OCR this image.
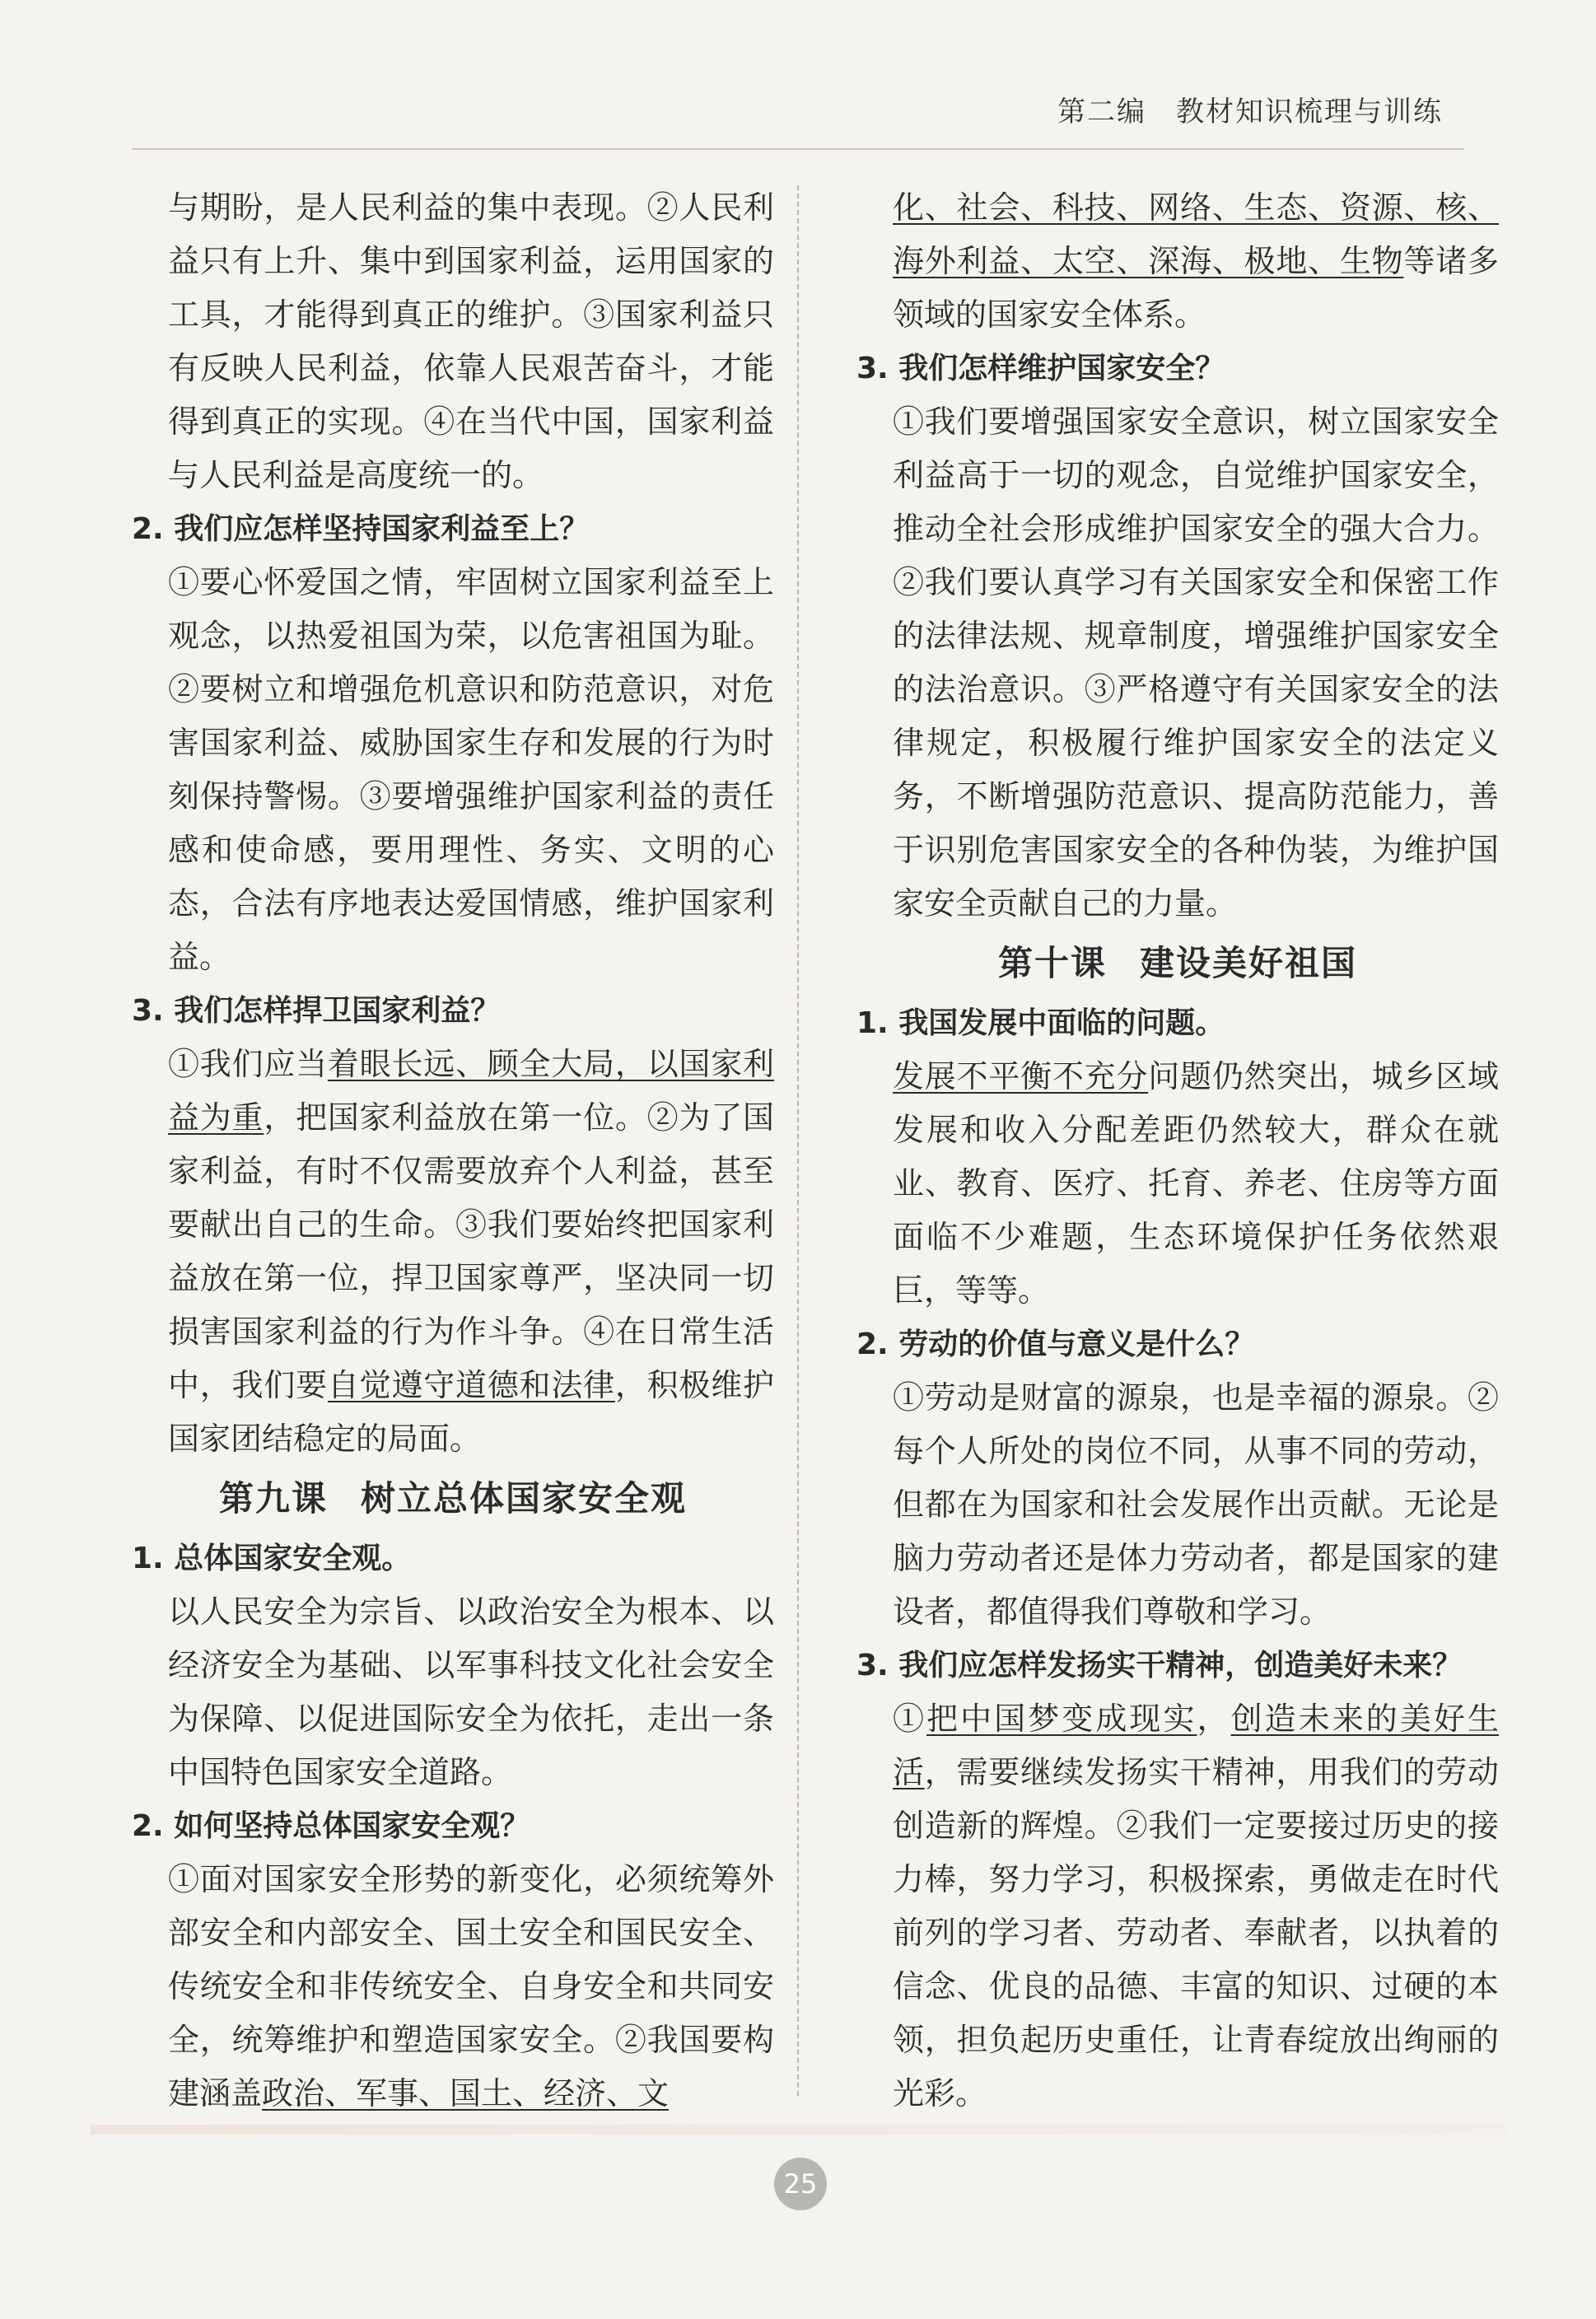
第二编 教材知识梳理与训练

与期盼，是人民利益的集中表现。②人民利益只有上升、集中到国家利益，运用国家的工具，才能得到真正的维护。③国家利益只有反映人民利益，依靠人民艰苦奋斗，才能得到真正的实现。④在当代中国，国家利益与人民利益是高度统一的。

2. 我们应怎样坚持国家利益至上？

①要心怀爱国之情，牢固树立国家利益至上观念，以热爱祖国为荣，以危害祖国为耻。②要树立和增强危机意识和防范意识，对危害国家利益、威胁国家生存和发展的行为时刻保持警惕。③要增强维护国家利益的责任感和使命感，要用理性、务实、文明的心态，合法有序地表达爱国情感，维护国家利益。

3. 我们怎样捍卫国家利益？

①我们应当着眼长远、顾全大局，以国家利益为重，把国家利益放在第一位。②为了国家利益，有时不仅需要放弃个人利益，甚至要献出自己的生命。③我们要始终把国家利益放在第一位，捍卫国家尊严，坚决同一切损害国家利益的行为作斗争。④在日常生活中，我们要自觉遵守道德和法律，积极维护国家团结稳定的局面。

第九课 树立总体国家安全观

1. 总体国家安全观。

以人民安全为宗旨、以政治安全为根本、以经济安全为基础、以军事科技文化社会安全为保障、以促进国际安全为依托，走出一条中国特色国家安全道路。

2. 如何坚持总体国家安全观？

①面对国家安全形势的新变化，必须统筹外部安全和内部安全、国土安全和国民安全、传统安全和非传统安全、自身安全和共同安全，统筹维护和塑造国家安全。②我国要构建涵盖政治、军事、国土、经济、文

化、社会、科技、网络、生态、资源、核、海外利益、太空、深海、极地、生物等诸多领域的国家安全体系。

3. 我们怎样维护国家安全？

①我们要增强国家安全意识，树立国家安全利益高于一切的观念，自觉维护国家安全，推动全社会形成维护国家安全的强大合力。②我们要认真学习有关国家安全和保密工作的法律法规、规章制度，增强维护国家安全的法治意识。③严格遵守有关国家安全的法律规定，积极履行维护国家安全的法定义务，不断增强防范意识、提高防范能力，善于识别危害国家安全的各种伪装，为维护国家安全贡献自己的力量。

第十课 建设美好祖国

1. 我国发展中面临的问题。

发展不平衡不充分问题仍然突出，城乡区域发展和收入分配差距仍然较大，群众在就业、教育、医疗、托育、养老、住房等方面面临不少难题，生态环境保护任务依然艰巨，等等。

2. 劳动的价值与意义是什么？

①劳动是财富的源泉，也是幸福的源泉。②每个人所处的岗位不同，从事不同的劳动，但都在为国家和社会发展作出贡献。无论是脑力劳动者还是体力劳动者，都是国家的建设者，都值得我们尊敬和学习。

3. 我们应怎样发扬实干精神，创造美好未来？

①把中国梦变成现实，创造未来的美好生活，需要继续发扬实干精神，用我们的劳动创造新的辉煌。②我们一定要接过历史的接力棒，努力学习，积极探索，勇做走在时代前列的学习者、劳动者、奉献者，以执着的信念、优良的品德、丰富的知识、过硬的本领，担负起历史重任，让青春绽放出绚丽的光彩。

25
